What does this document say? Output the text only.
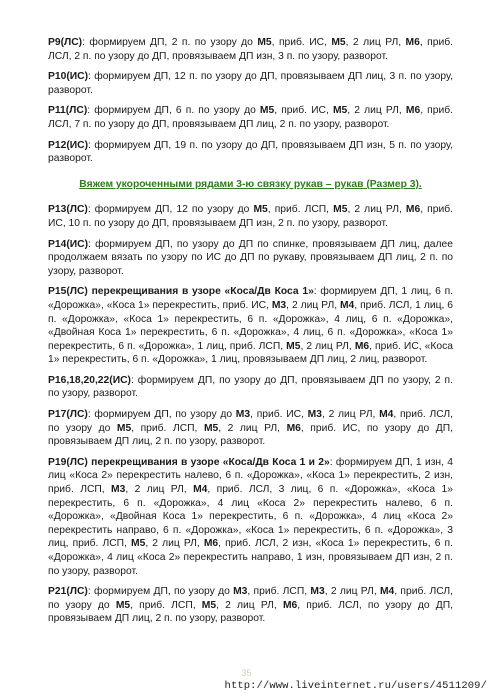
Р9(ЛС): формируем ДП, 2 п. по узору до М5, приб. ИС, М5, 2 лиц РЛ, М6, приб. ЛСЛ, 2 п. по узору до ДП, провязываем ДП изн, 3 п. по узору, разворот.
Р10(ИС): формируем ДП, 12 п. по узору до ДП, провязываем ДП лиц, 3 п. по узору, разворот.
Р11(ЛС): формируем ДП, 6 п. по узору до М5, приб. ИС, М5, 2 лиц РЛ, М6, приб. ЛСЛ, 7 п. по узору до ДП, провязываем ДП лиц, 2 п. по узору, разворот.
Р12(ИС): формируем ДП, 19 п. по узору до ДП, провязываем ДП изн, 5 п. по узору, разворот.
Вяжем укороченными рядами 3-ю связку рукав – рукав (Размер 3).
Р13(ЛС): формируем ДП, 12 по узору до М5, приб. ЛСП, М5, 2 лиц РЛ, М6, приб. ИС, 10 п. по узору до ДП, провязываем ДП изн, 2 п. по узору, разворот.
Р14(ИС): формируем ДП, по узору до ДП по спинке, провязываем ДП лиц, далее продолжаем вязать по узору по ИС до ДП по рукаву, провязываем ДП лиц, 2 п. по узору, разворот.
Р15(ЛС) перекрещивания в узоре «Коса/Дв Коса 1»: формируем ДП, 1 лиц, 6 п. «Дорожка», «Коса 1» перекрестить, приб. ИС, М3, 2 лиц РЛ, М4, приб. ЛСЛ, 1 лиц, 6 п. «Дорожка», «Коса 1» перекрестить, 6 п. «Дорожка», 4 лиц, 6 п. «Дорожка», «Двойная Коса 1» перекрестить, 6 п. «Дорожка», 4 лиц, 6 п. «Дорожка», «Коса 1» перекрестить, 6 п. «Дорожка», 1 лиц, приб. ЛСП, М5, 2 лиц РЛ, М6, приб. ИС, «Коса 1» перекрестить, 6 п. «Дорожка», 1 лиц, провязываем ДП лиц, 2 лиц, разворот.
Р16,18,20,22(ИС): формируем ДП, по узору до ДП, провязываем ДП по узору, 2 п. по узору, разворот.
Р17(ЛС): формируем ДП, по узору до М3, приб. ИС, М3, 2 лиц РЛ, М4, приб. ЛСЛ, по узору до М5, приб. ЛСП, М5, 2 лиц РЛ, М6, приб. ИС, по узору до ДП, провязываем ДП лиц, 2 п. по узору, разворот.
Р19(ЛС) перекрещивания в узоре «Коса/Дв Коса 1 и 2»: формируем ДП, 1 изн, 4 лиц «Коса 2» перекрестить налево, 6 п. «Дорожка», «Коса 1» перекрестить, 2 изн, приб. ЛСП, М3, 2 лиц РЛ, М4, приб. ЛСЛ, 3 лиц, 6 п. «Дорожка», «Коса 1» перекрестить, 6 п. «Дорожка», 4 лиц «Коса 2» перекрестить налево, 6 п. «Дорожка», «Двойная Коса 1» перекрестить, 6 п. «Дорожка», 4 лиц «Коса 2» перекрестить направо, 6 п. «Дорожка», «Коса 1» перекрестить, 6 п. «Дорожка», 3 лиц, приб. ЛСП, М5, 2 лиц РЛ, М6, приб. ЛСЛ, 2 изн, «Коса 1» перекрестить, 6 п. «Дорожка», 4 лиц «Коса 2» перекрестить направо, 1 изн, провязываем ДП изн, 2 п. по узору, разворот.
Р21(ЛС): формируем ДП, по узору до М3, приб. ЛСП, М3, 2 лиц РЛ, М4, приб. ЛСЛ, по узору до М5, приб. ЛСП, М5, 2 лиц РЛ, М6, приб. ЛСЛ, по узору до ДП, провязываем ДП лиц, 2 п. по узору, разворот.
35
http://www.liveinternet.ru/users/4511209/
